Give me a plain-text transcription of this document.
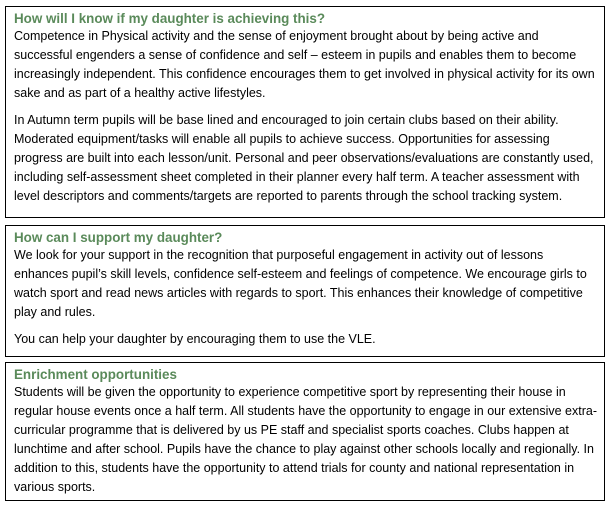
How will I know if my daughter is achieving this?

Competence in Physical activity and the sense of enjoyment brought about by being active and successful engenders a sense of confidence and self – esteem in pupils and enables them to become increasingly independent. This confidence encourages them to get involved in physical activity for its own sake and as part of a healthy active lifestyles.

In Autumn term pupils will be base lined and encouraged to join certain clubs based on their ability. Moderated equipment/tasks will enable all pupils to achieve success. Opportunities for assessing progress are built into each lesson/unit. Personal and peer observations/evaluations are constantly used, including self-assessment sheet completed in their planner every half term. A teacher assessment with level descriptors and comments/targets are reported to parents through the school tracking system.

How can I support my daughter?

We look for your support in the recognition that purposeful engagement in activity out of lessons enhances pupil’s skill levels, confidence self-esteem and feelings of competence. We encourage girls to watch sport and read news articles with regards to sport. This enhances their knowledge of competitive play and rules.

You can help your daughter by encouraging them to use the VLE.

Enrichment opportunities

Students will be given the opportunity to experience competitive sport by representing their house in regular house events once a half term. All students have the opportunity to engage in our extensive extra-curricular programme that is delivered by us PE staff and specialist sports coaches. Clubs happen at lunchtime and after school. Pupils have the chance to play against other schools locally and regionally. In addition to this, students have the opportunity to attend trials for county and national representation in various sports.
